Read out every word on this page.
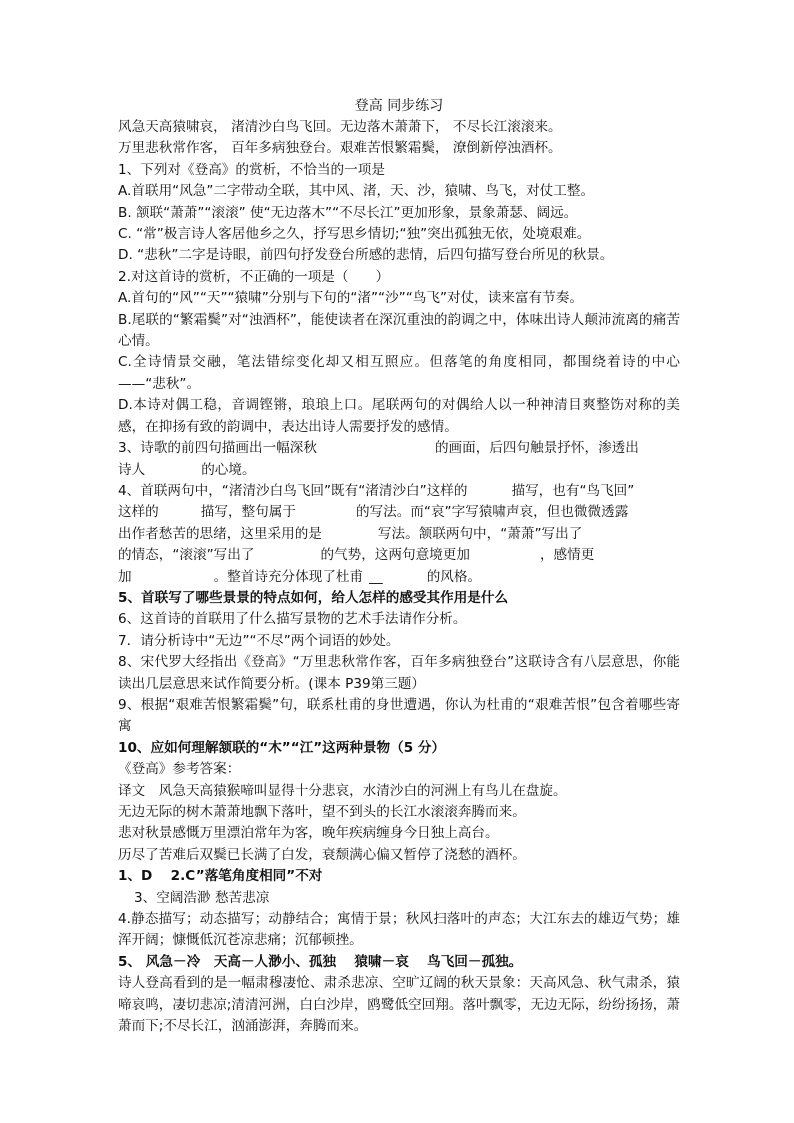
登高 同步练习

风急天高猿啸哀， 渚清沙白鸟飞回。无边落木萧萧下， 不尽长江滚滚来。

万里悲秋常作客， 百年多病独登台。艰难苦恨繁霜鬓， 潦倒新停浊酒杯。

1、下列对《登高》的赏析，不恰当的一项是

A.首联用“风急”二字带动全联，其中风、渚，天、沙，猿啸、鸟飞，对仗工整。

B. 颔联“萧萧”“滚滚” 使“无边落木”“不尽长江”更加形象，景象萧瑟、阔远。

C. “常”极言诗人客居他乡之久，抒写思乡情切;“独”突出孤独无依，处境艰难。

D. “悲秋”二字是诗眼，前四句抒发登台所感的悲情，后四句描写登台所见的秋景。

2.对这首诗的赏析，不正确的一项是（　　）

A.首句的“风”“天”“猿啸”分别与下句的“渚”“沙”“鸟飞”对仗，读来富有节奏。

B.尾联的“繁霜鬓”对“浊酒杯”，能使读者在深沉重浊的韵调之中，体味出诗人颠沛流离的痛苦心情。

C.全诗情景交融，笔法错综变化却又相互照应。但落笔的角度相同，都围绕着诗的中心——“悲秋”。

D.本诗对偶工稳，音调铿锵，琅琅上口。尾联两句的对偶给人以一种神清目爽整饬对称的美感，在抑扬有致的韵调中，表达出诗人需要抒发的感情。

3、诗歌的前四句描画出一幅深秋	的画面，后四句触景抒怀，渗透出

诗人	的心境。

4、首联两句中，“渚清沙白鸟飞回”既有“渚清沙白”这样的	描写，也有“鸟飞回”

这样的	描写，整句属于	的写法。而“哀”字写猿啸声哀，但也微微透露

出作者愁苦的思绪，这里采用的是	写法。颔联两句中，“萧萧”写出了

的情态，“滚滚”写出了	的气势，这两句意境更加	，感情更

加	。整首诗充分体现了杜甫 __	的风格。

5、首联写了哪些景景的特点如何，给人怎样的感受其作用是什么

6、这首诗的首联用了什么描写景物的艺术手法请作分析。

7．请分析诗中“无边”“不尽”两个词语的妙处。

8、宋代罗大经指出《登高》“万里悲秋常作客，百年多病独登台”这联诗含有八层意思，你能读出几层意思来试作简要分析。(课本 P39第三题）

9、根据“艰难苦恨繁霜鬓”句，联系杜甫的身世遭遇，你认为杜甫的“艰难苦恨”包含着哪些寄寓

10、应如何理解颔联的“木”“江”这两种景物（5 分）

《登高》参考答案：

译文　风急天高猿猴啼叫显得十分悲哀，水清沙白的河洲上有鸟儿在盘旋。

无边无际的树木萧萧地飘下落叶，望不到头的长江水滚滚奔腾而来。

悲对秋景感慨万里漂泊常年为客，晚年疾病缠身今日独上高台。

历尽了苦难后双鬓已长满了白发，衰颓满心偏又暂停了浇愁的酒杯。

1、D　 2.C”落笔角度相同”不对

3、空阔浩渺 愁苦悲凉

4.静态描写；动态描写；动静结合；寓情于景；秋风扫落叶的声态；大江东去的雄迈气势；雄浑开阔；慷慨低沉苍凉悲痛；沉郁顿挫。

5、 风急－冷　天高－人渺小、孤独　 猿啸－哀　 鸟飞回－孤独。

诗人登高看到的是一幅肃穆凄怆、肃杀悲凉、空旷辽阔的秋天景象：天高风急、秋气肃杀，猿啼哀鸣，凄切悲凉;清清河洲，白白沙岸，鸥鹭低空回翔。落叶飘零，无边无际，纷纷扬扬，萧萧而下;不尽长江，汹涌澎湃，奔腾而来。
